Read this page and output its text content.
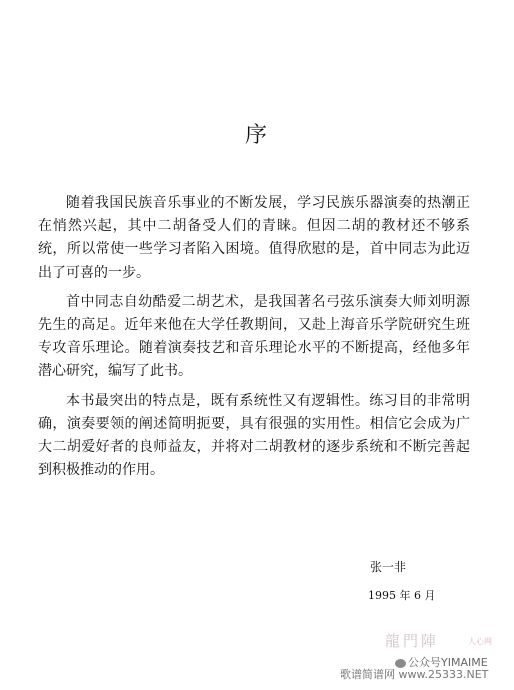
序

随着我国民族音乐事业的不断发展，学习民族乐器演奏的热潮正在悄然兴起，其中二胡备受人们的青睐。但因二胡的教材还不够系统，所以常使一些学习者陷入困境。值得欣慰的是，首中同志为此迈出了可喜的一步。

首中同志自幼酷爱二胡艺术，是我国著名弓弦乐演奏大师刘明源先生的高足。近年来他在大学任教期间，又赴上海音乐学院研究生班专攻音乐理论。随着演奏技艺和音乐理论水平的不断提高，经他多年潜心研究，编写了此书。

本书最突出的特点是，既有系统性又有逻辑性。练习目的非常明确，演奏要领的阐述简明扼要，具有很强的实用性。相信它会成为广大二胡爱好者的良师益友，并将对二胡教材的逐步系统和不断完善起到积极推动的作用。

张一非
1995 年 6 月
龍門陣	人心网
公众号YIMAIME
歌谱简谱网 www.25333.NET
